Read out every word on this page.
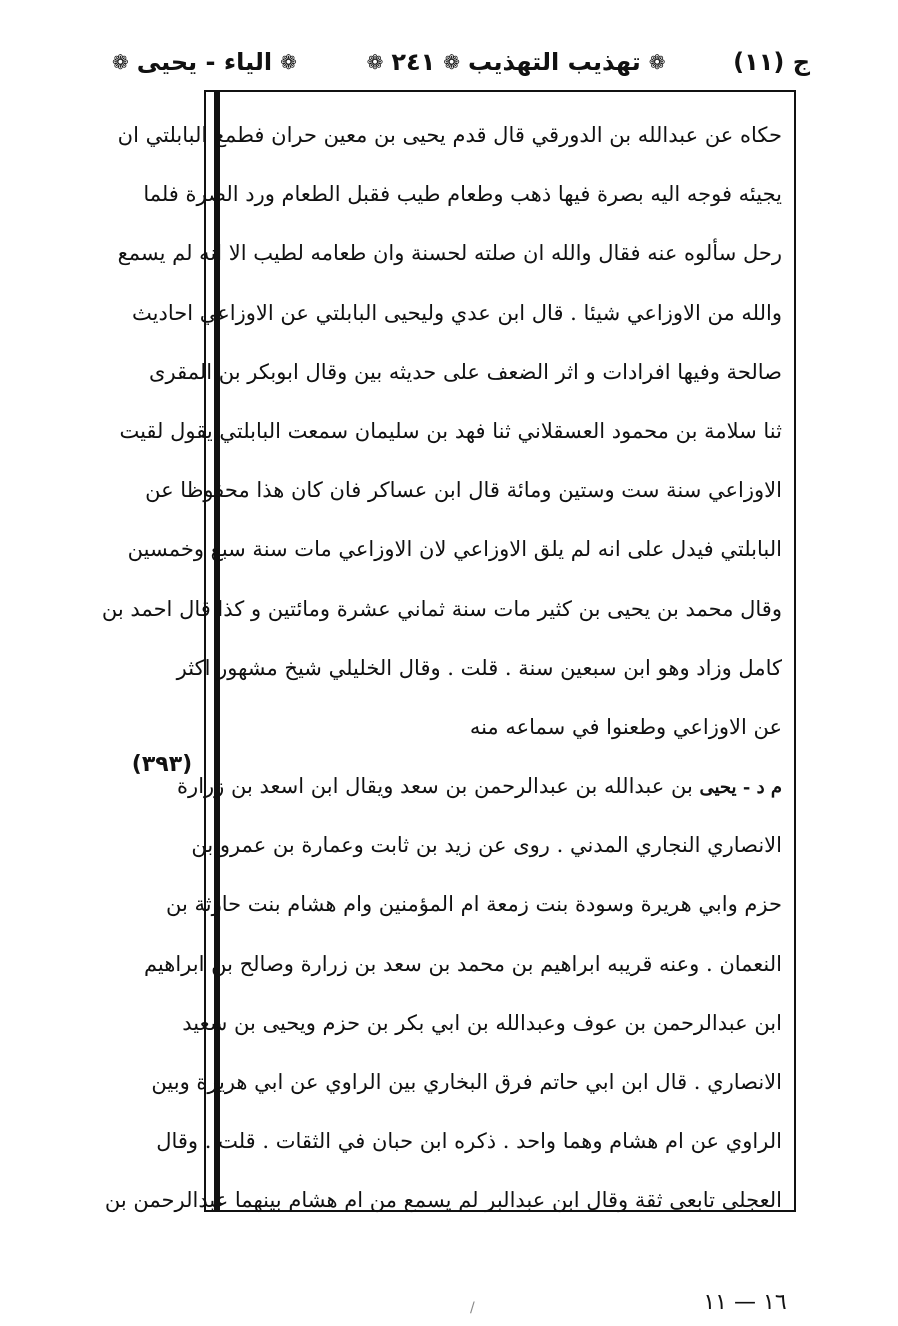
ج (۱۱)
❁
تهذيب التهذيب
❁
۲٤۱
❁
❁
الياء - يحيى
❁
حكاه عن عبدالله بن الدورقي قال قدم يحيى بن معين حران فطمع البابلتي ان
يجيئه فوجه اليه بصرة فيها ذهب وطعام طيب فقبل الطعام ورد الصرة فلما
رحل سألوه عنه فقال والله ان صلته لحسنة وان طعامه لطيب الا انه لم يسمع
والله من الاوزاعي شيئا . قال ابن عدي وليحيى البابلتي عن الاوزاعي احاديث
صالحة وفيها افرادات و اثر الضعف على حديثه بين وقال ابوبكر بن المقرى
ثنا سلامة بن محمود العسقلاني ثنا فهد بن سليمان سمعت البابلتي يقول لقيت
الاوزاعي سنة ست وستين ومائة قال ابن عساكر فان كان هذا محفوظا عن
البابلتي فيدل على انه لم يلق الاوزاعي لان الاوزاعي مات سنة سبع وخمسين
وقال محمد بن يحيى بن كثير مات سنة ثماني عشرة ومائتين و كذا قال احمد بن
كامل وزاد وهو ابن سبعين سنة . قلت . وقال الخليلي شيخ مشهور اكثر
عن الاوزاعي وطعنوا في سماعه منه
م د - يحيى بن عبدالله بن عبدالرحمن بن سعد ويقال ابن اسعد بن زرارة
الانصاري النجاري المدني . روى عن زيد بن ثابت وعمارة بن عمرو بن
حزم وابي هريرة وسودة بنت زمعة ام المؤمنين وام هشام بنت حارثة بن
النعمان . وعنه قريبه ابراهيم بن محمد بن سعد بن زرارة وصالح بن ابراهيم
ابن عبدالرحمن بن عوف وعبدالله بن ابي بكر بن حزم ويحيى بن سعيد
الانصاري . قال ابن ابي حاتم فرق البخاري بين الراوي عن ابي هريرة وبين
الراوي عن ام هشام وهما واحد . ذكره ابن حبان في الثقات . قلت . وقال
العجلي تابعي ثقة وقال ابن عبدالبر لم يسمع من ام هشام بينهما عبدالرحمن بن
(۳۹۳)
۱٦ — ۱۱
/
